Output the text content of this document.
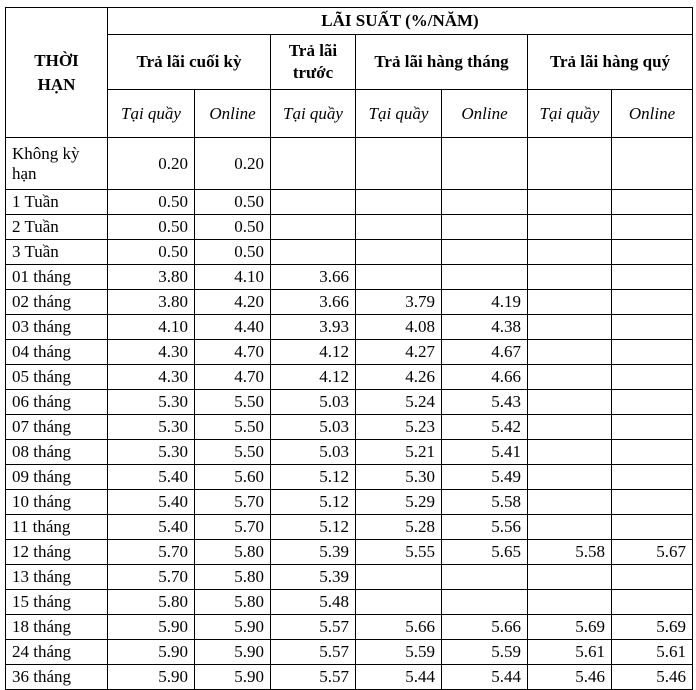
THỜI HẠN	LÃI SUẤT (%/NĂM)						
	Trả lãi cuối kỳ		Trả lãi trước	Trả lãi hàng tháng		Trả lãi hàng quý	
	Tại quầy	Online	Tại quầy	Tại quầy	Online	Tại quầy	Online
Không kỳ hạn	0.20	0.20					
1 Tuần	0.50	0.50					
2 Tuần	0.50	0.50					
3 Tuần	0.50	0.50					
01 tháng	3.80	4.10	3.66				
02 tháng	3.80	4.20	3.66	3.79	4.19		
03 tháng	4.10	4.40	3.93	4.08	4.38		
04 tháng	4.30	4.70	4.12	4.27	4.67		
05 tháng	4.30	4.70	4.12	4.26	4.66		
06 tháng	5.30	5.50	5.03	5.24	5.43		
07 tháng	5.30	5.50	5.03	5.23	5.42		
08 tháng	5.30	5.50	5.03	5.21	5.41		
09 tháng	5.40	5.60	5.12	5.30	5.49		
10 tháng	5.40	5.70	5.12	5.29	5.58		
11 tháng	5.40	5.70	5.12	5.28	5.56		
12 tháng	5.70	5.80	5.39	5.55	5.65	5.58	5.67
13 tháng	5.70	5.80	5.39				
15 tháng	5.80	5.80	5.48				
18 tháng	5.90	5.90	5.57	5.66	5.66	5.69	5.69
24 tháng	5.90	5.90	5.57	5.59	5.59	5.61	5.61
36 tháng	5.90	5.90	5.57	5.44	5.44	5.46	5.46
